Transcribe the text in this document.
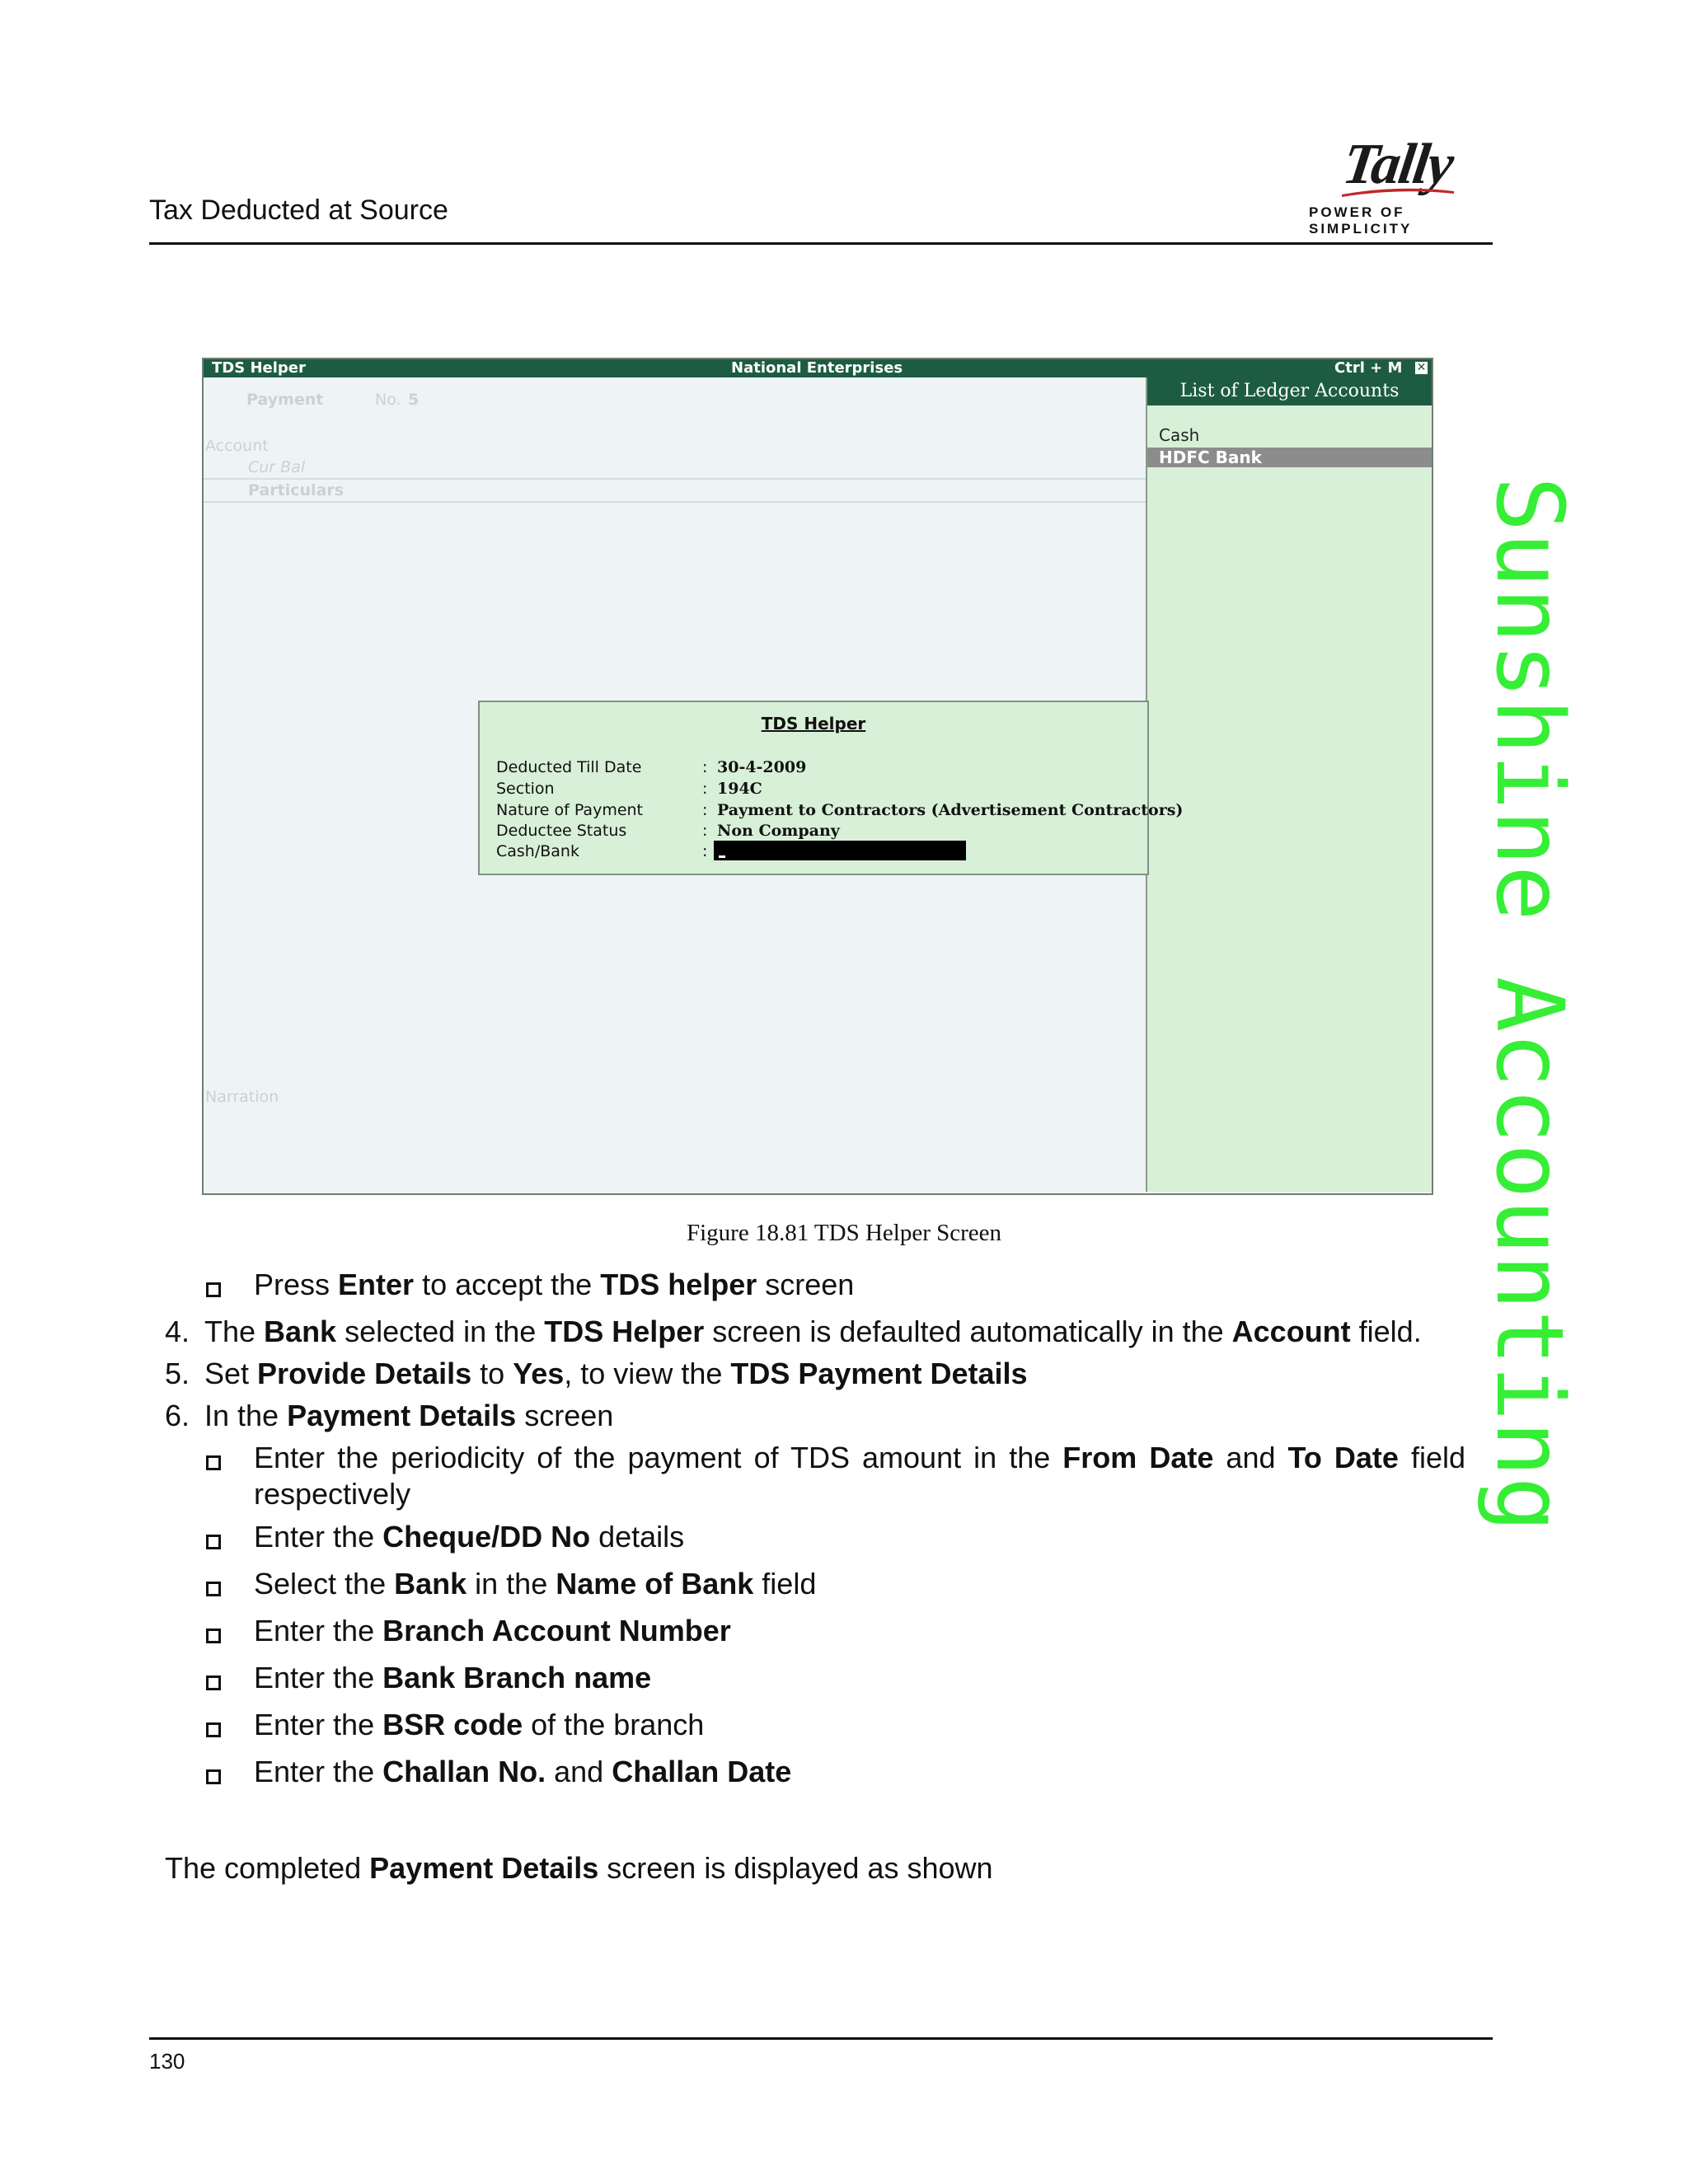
Tax Deducted at Source
Tally
POWER OF SIMPLICITY
Sunshine Accounting
TDS Helper	National Enterprises	Ctrl + M ✕
Payment	No. 5
Account
Cur Bal
Particulars
Narration
List of Ledger Accounts
Cash
HDFC Bank
TDS Helper
Deducted Till Date	: 30-4-2009
Section	: 194C
Nature of Payment	: Payment to Contractors (Advertisement Contractors)
Deductee Status	: Non Company
Cash/Bank	:
Figure 18.81 TDS Helper Screen
Press Enter to accept the TDS helper screen
4. The Bank selected in the TDS Helper screen is defaulted automatically in the Account field.
5. Set Provide Details to Yes, to view the TDS Payment Details
6. In the Payment Details screen
Enter the periodicity of the payment of TDS amount in the From Date and To Date field
respectively
Enter the Cheque/DD No details
Select the Bank in the Name of Bank field
Enter the Branch Account Number
Enter the Bank Branch name
Enter the BSR code of the branch
Enter the Challan No. and Challan Date
The completed Payment Details screen is displayed as shown
130
